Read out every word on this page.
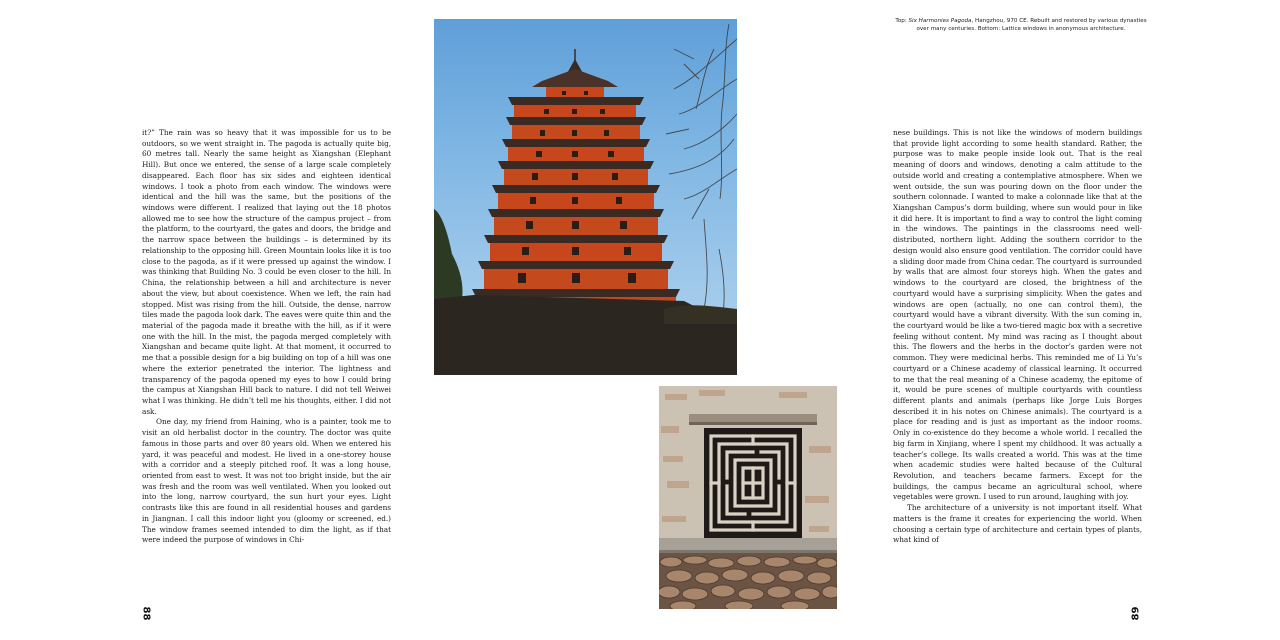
it?” The rain was so heavy that it was impossible for us to be outdoors, so we went straight in. The pagoda is actually quite big, 60 metres tall. Nearly the same height as Xiangshan (Elephant Hill). But once we entered, the sense of a large scale completely disappeared. Each floor has six sides and eighteen identical windows. I took a photo from each window. The windows were identical and the hill was the same, but the positions of the windows were different. I realized that laying out the 18 photos allowed me to see how the structure of the campus project – from the platform, to the courtyard, the gates and doors, the bridge and the narrow space between the buildings – is determined by its relationship to the opposing hill. Green Mountain looks like it is too close to the pagoda, as if it were pressed up against the window. I was thinking that Building No. 3 could be even closer to the hill. In China, the relationship between a hill and architecture is never about the view, but about coexistence. When we left, the rain had stopped. Mist was rising from the hill. Outside, the dense, narrow tiles made the pagoda look dark. The eaves were quite thin and the material of the pagoda made it breathe with the hill, as if it were one with the hill. In the mist, the pagoda merged completely with Xiangshan and became quite light. At that moment, it occurred to me that a possible design for a big building on top of a hill was one where the exterior penetrated the interior. The lightness and transparency of the pagoda opened my eyes to how I could bring the campus at Xiangshan Hill back to nature. I did not tell Weiwei what I was thinking. He didn’t tell me his thoughts, either. I did not ask.

One day, my friend from Haining, who is a painter, took me to visit an old herbalist doctor in the country. The doctor was quite famous in those parts and over 80 years old. When we entered his yard, it was peaceful and modest. He lived in a one-storey house with a corridor and a steeply pitched roof. It was a long house, oriented from east to west. It was not too bright inside, but the air was fresh and the room was well ventilated. When you looked out into the long, narrow courtyard, the sun hurt your eyes. Light contrasts like this are found in all residential houses and gardens in Jiangnan. I call this indoor light you (gloomy or screened, ed.) The window frames seemed intended to dim the light, as if that were indeed the purpose of windows in Chi-

88
Top: Six Harmonies Pagoda, Hangzhou, 970 CE. Rebuilt and restored by various dynasties over many centuries. Bottom: Lattice windows in anonymous architecture.

nese buildings. This is not like the windows of modern buildings that provide light according to some health standard. Rather, the purpose was to make people inside look out. That is the real meaning of doors and windows, denoting a calm attitude to the outside world and creating a contemplative atmosphere. When we went outside, the sun was pouring down on the floor under the southern colonnade. I wanted to make a colonnade like that at the Xiangshan Campus’s dorm building, where sun would pour in like it did here. It is important to find a way to control the light coming in the windows. The paintings in the classrooms need well-distributed, northern light. Adding the southern corridor to the design would also ensure good ventilation. The corridor could have a sliding door made from China cedar. The courtyard is surrounded by walls that are almost four storeys high. When the gates and windows to the courtyard are closed, the brightness of the courtyard would have a surprising simplicity. When the gates and windows are open (actually, no one can control them), the courtyard would have a vibrant diversity. With the sun coming in, the courtyard would be like a two-tiered magic box with a secretive feeling without content. My mind was racing as I thought about this. The flowers and the herbs in the doctor’s garden were not common. They were medicinal herbs. This reminded me of Li Yu’s courtyard or a Chinese academy of classical learning. It occurred to me that the real meaning of a Chinese academy, the epitome of it, would be pure scenes of multiple courtyards with countless different plants and animals (perhaps like Jorge Luis Borges described it in his notes on Chinese animals). The courtyard is a place for reading and is just as important as the indoor rooms. Only in co-existence do they become a whole world. I recalled the big farm in Xinjiang, where I spent my childhood. It was actually a teacher’s college. Its walls created a world. This was at the time when academic studies were halted because of the Cultural Revolution, and teachers became farmers. Except for the buildings, the campus became an agricultural school, where vegetables were grown. I used to run around, laughing with joy.

The architecture of a university is not important itself. What matters is the frame it creates for experiencing the world. When choosing a certain type of architecture and certain types of plants, what kind of

89
